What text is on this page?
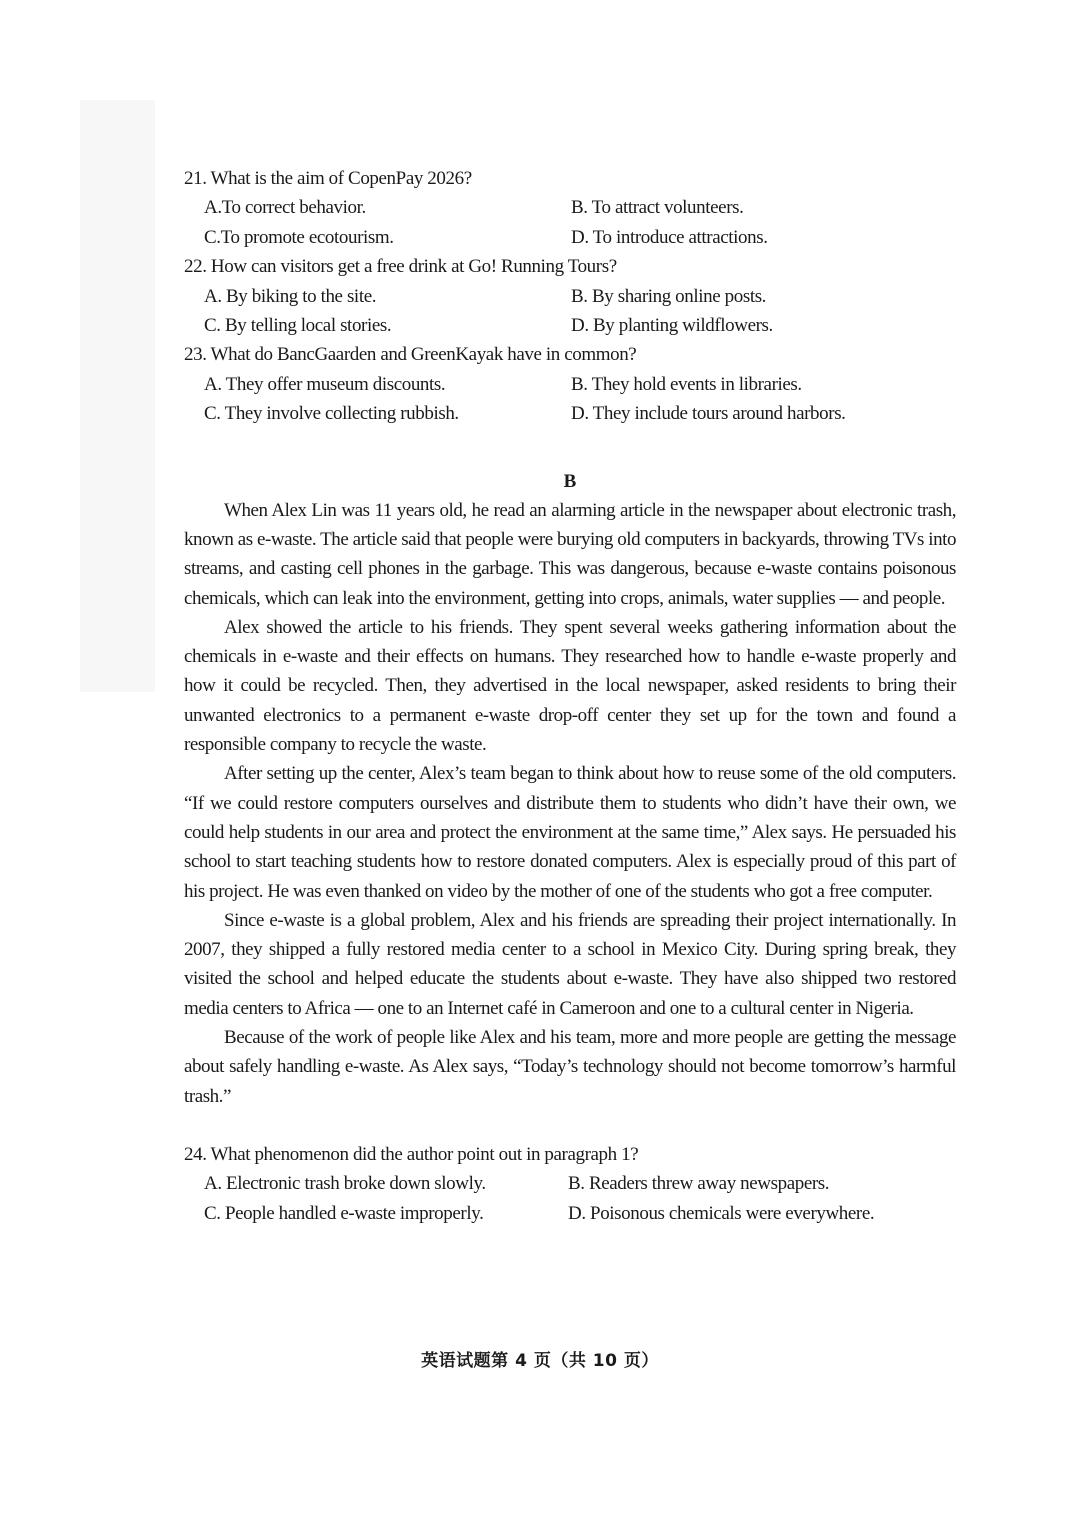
21. What is the aim of CopenPay 2026?
A.To correct behavior.	B. To attract volunteers.
C.To promote ecotourism.	D. To introduce attractions.
22. How can visitors get a free drink at Go! Running Tours?
A. By biking to the site.	B. By sharing online posts.
C. By telling local stories.	D. By planting wildflowers.
23. What do BancGaarden and GreenKayak have in common?
A. They offer museum discounts.	B. They hold events in libraries.
C. They involve collecting rubbish.	D. They include tours around harbors.
B

When Alex Lin was 11 years old, he read an alarming article in the newspaper about electronic trash, known as e-waste. The article said that people were burying old computers in backyards, throwing TVs into streams, and casting cell phones in the garbage. This was dangerous, because e-waste contains poisonous chemicals, which can leak into the environment, getting into crops, animals, water supplies — and people.

Alex showed the article to his friends. They spent several weeks gathering information about the chemicals in e-waste and their effects on humans. They researched how to handle e-waste properly and how it could be recycled. Then, they advertised in the local newspaper, asked residents to bring their unwanted electronics to a permanent e-waste drop-off center they set up for the town and found a responsible company to recycle the waste.

After setting up the center, Alex’s team began to think about how to reuse some of the old computers. “If we could restore computers ourselves and distribute them to students who didn’t have their own, we could help students in our area and protect the environment at the same time,” Alex says. He persuaded his school to start teaching students how to restore donated computers. Alex is especially proud of this part of his project. He was even thanked on video by the mother of one of the students who got a free computer.

Since e-waste is a global problem, Alex and his friends are spreading their project internationally. In 2007, they shipped a fully restored media center to a school in Mexico City. During spring break, they visited the school and helped educate the students about e-waste. They have also shipped two restored media centers to Africa — one to an Internet café in Cameroon and one to a cultural center in Nigeria.

Because of the work of people like Alex and his team, more and more people are getting the message about safely handling e-waste. As Alex says, “Today’s technology should not become tomorrow’s harmful trash.”

24. What phenomenon did the author point out in paragraph 1?
A. Electronic trash broke down slowly.	B. Readers threw away newspapers.
C. People handled e-waste improperly.	D. Poisonous chemicals were everywhere.
英语试题第 4 页（共 10 页）
